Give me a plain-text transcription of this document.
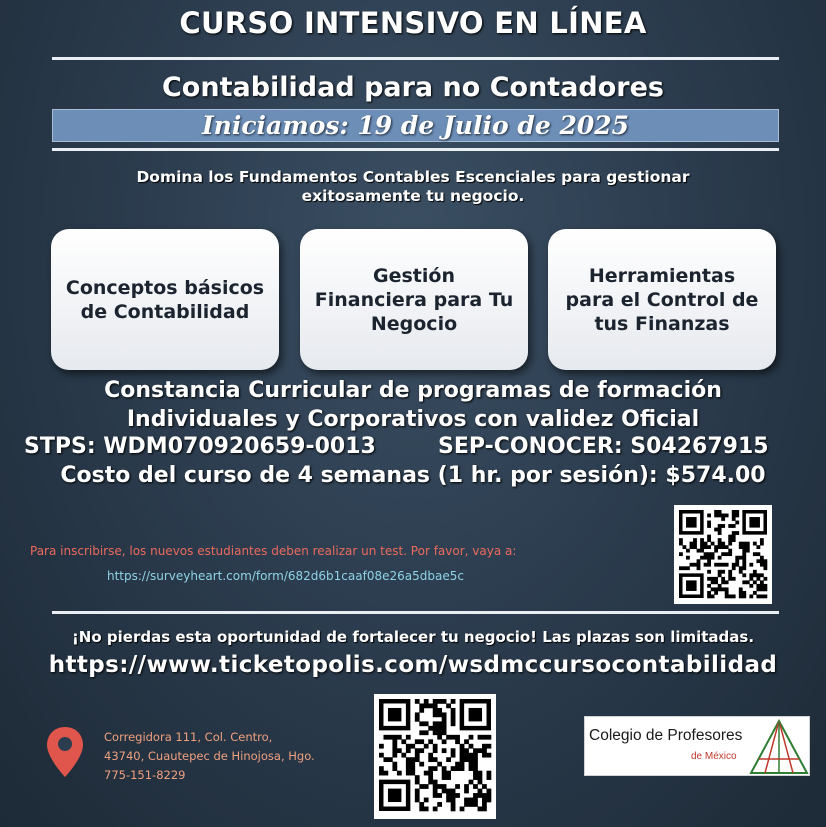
CURSO INTENSIVO EN LÍNEA
Contabilidad para no Contadores
Iniciamos: 19 de Julio de 2025
Domina los Fundamentos Contables Escenciales para gestionar exitosamente tu negocio.
Conceptos básicos de Contabilidad
Gestión Financiera para Tu Negocio
Herramientas para el Control de tus Finanzas
Constancia Curricular de programas de formación
Individuales y Corporativos con validez Oficial
STPS: WDM070920659-0013	SEP-CONOCER: S04267915
Costo del curso de 4 semanas (1 hr. por sesión): $574.00
Para inscribirse, los nuevos estudiantes deben realizar un test. Por favor, vaya a:
https://surveyheart.com/form/682d6b1caaf08e26a5dbae5c
¡No pierdas esta oportunidad de fortalecer tu negocio! Las plazas son limitadas.
https://www.ticketopolis.com/wsdmccursocontabilidad
Corregidora 111, Col. Centro,
43740, Cuautepec de Hinojosa, Hgo.
775-151-8229
Colegio de Profesores
de México
